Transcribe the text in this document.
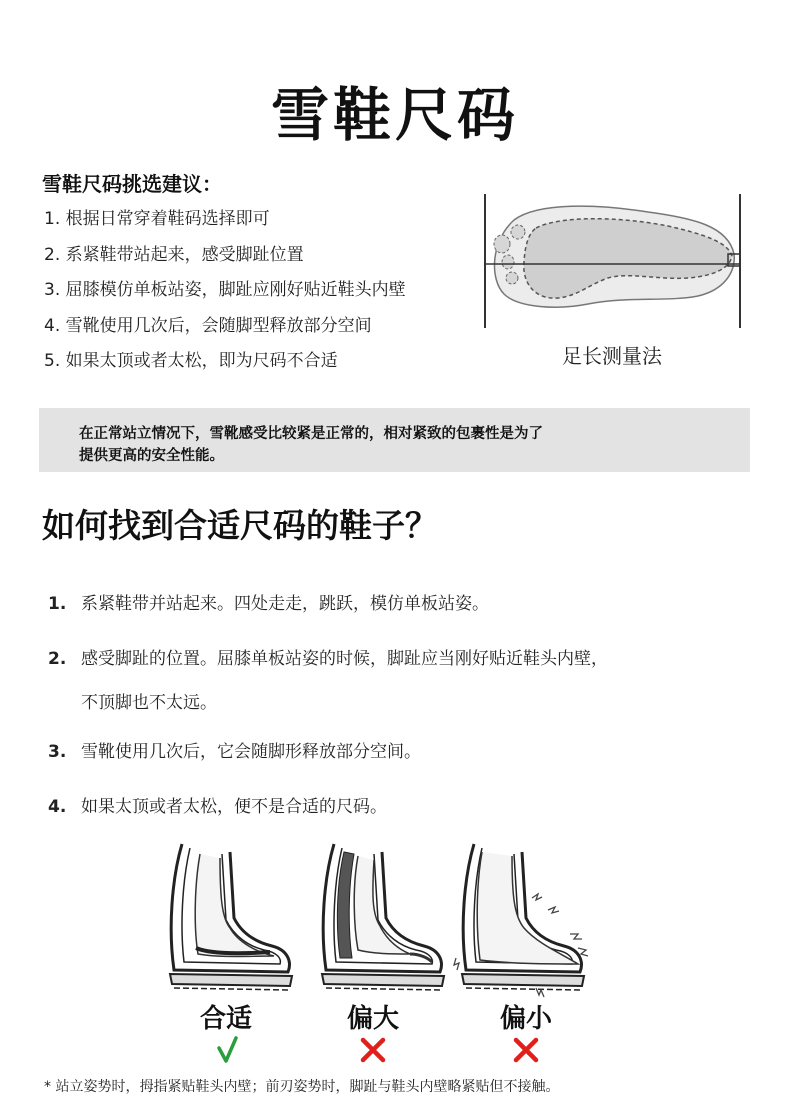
雪鞋尺码
雪鞋尺码挑选建议：
1. 根据日常穿着鞋码选择即可
2. 系紧鞋带站起来，感受脚趾位置
3. 屈膝模仿单板站姿，脚趾应刚好贴近鞋头内壁
4. 雪靴使用几次后，会随脚型释放部分空间
5. 如果太顶或者太松，即为尺码不合适	足长测量法
在正常站立情况下，雪靴感受比较紧是正常的，相对紧致的包裹性是为了
提供更高的安全性能。
如何找到合适尺码的鞋子？
1. 系紧鞋带并站起来。四处走走，跳跃，模仿单板站姿。
2. 感受脚趾的位置。屈膝单板站姿的时候，脚趾应当刚好贴近鞋头内壁，
不顶脚也不太远。
3. 雪靴使用几次后，它会随脚形释放部分空间。
4. 如果太顶或者太松，便不是合适的尺码。
合适	偏大	偏小
* 站立姿势时，拇指紧贴鞋头内壁；前刃姿势时，脚趾与鞋头内壁略紧贴但不接触。
